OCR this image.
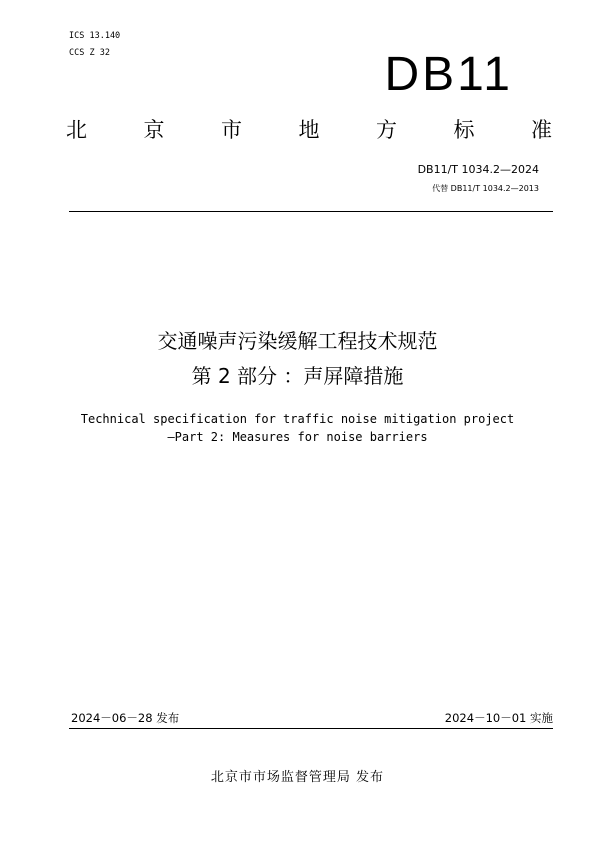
ICS 13.140
CCS Z 32	DB11
北	京	市	地	方	标	准
DB11/T 1034.2—2024
代替 DB11/T 1034.2—2013
交通噪声污染缓解工程技术规范
第 2 部分 ：声屏障措施
Technical specification for traffic noise mitigation project
—Part 2: Measures for noise barriers
2024－06－28 发布	2024－10－01 实施
北京市市场监督管理局 发布
